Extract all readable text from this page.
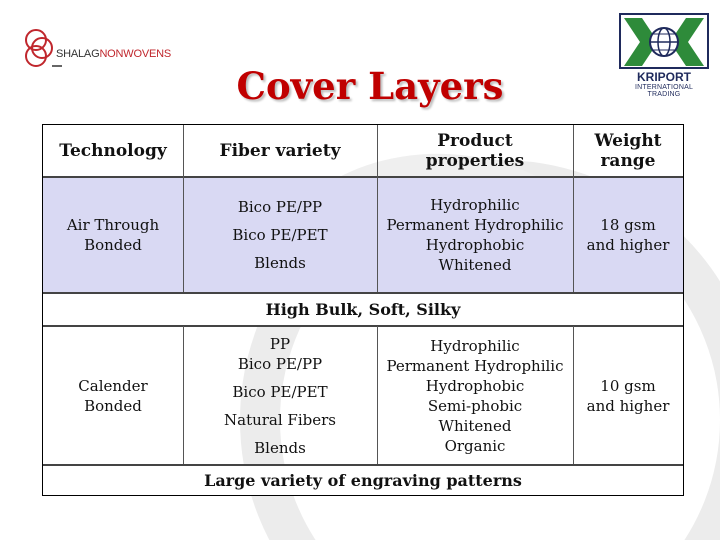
SHALAGNONWOVENS
KRIPORT
INTERNATIONAL TRADING
Cover Layers
Technology	Fiber variety	Product properties
Weight range
Air Through Bonded
Bico PE/PP
Bico PE/PET
Blends
Hydrophilic
Permanent Hydrophilic
Hydrophobic
Whitened
18 gsm and higher
High Bulk, Soft, Silky
Calender Bonded
PP
Bico PE/PP
Bico PE/PET
Natural Fibers
Blends
Hydrophilic
Permanent Hydrophilic
Hydrophobic
Semi-phobic
Whitened
Organic
10 gsm and higher
Large variety of engraving patterns
